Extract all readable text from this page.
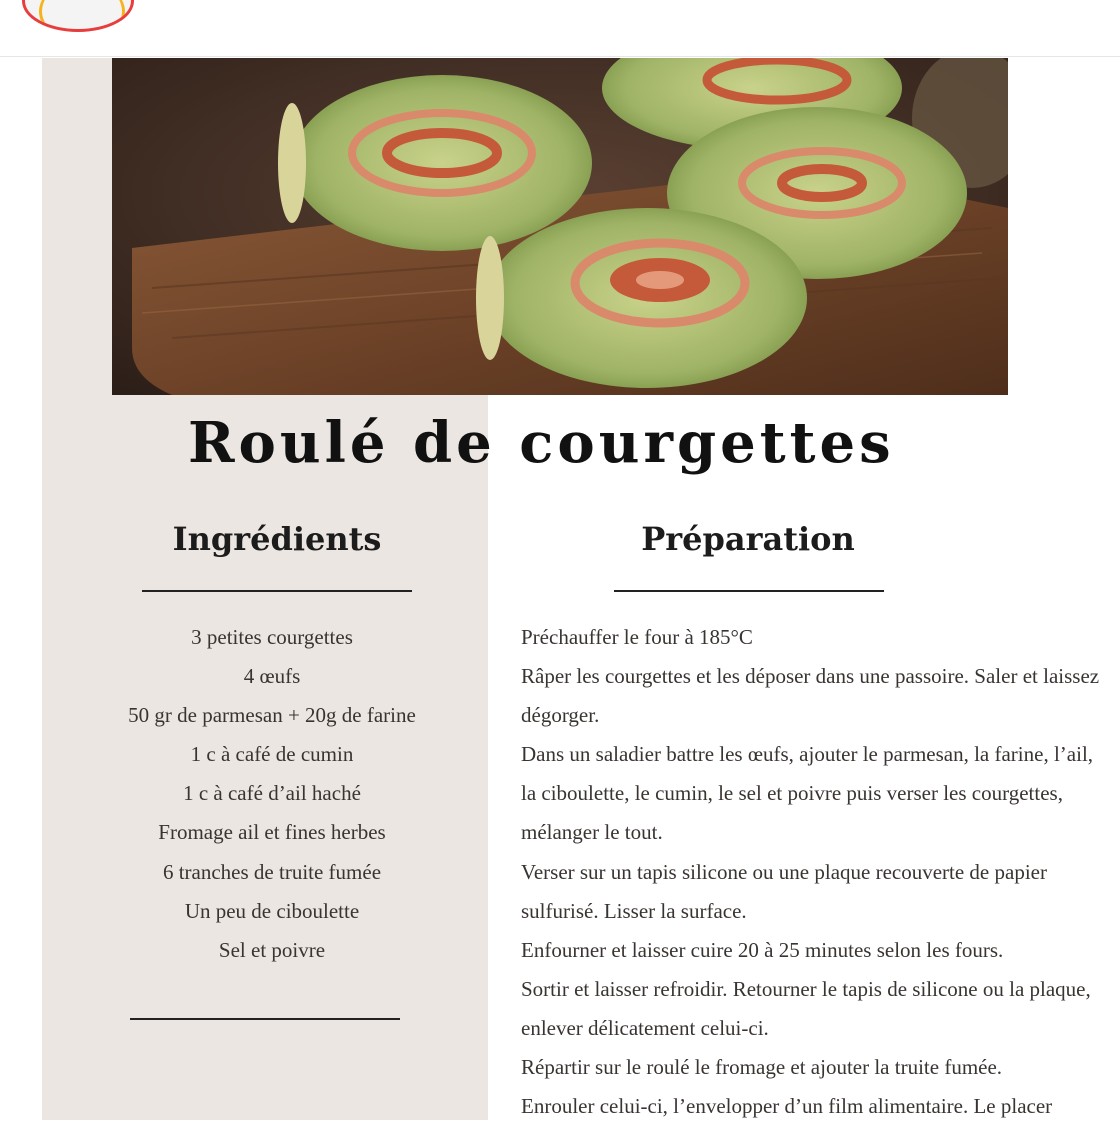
Roulé de courgettes
Ingrédients	Préparation
3 petites courgettes
4 œufs
50 gr de parmesan + 20g de farine
1 c à café de cumin
1 c à café d’ail haché
Fromage ail et fines herbes
6 tranches de truite fumée
Un peu de ciboulette
Sel et poivre

Préchauffer le four à 185°C

Râper les courgettes et les déposer dans une passoire. Saler et laissez dégorger.

Dans un saladier battre les œufs, ajouter le parmesan, la farine, l’ail, la ciboulette, le cumin, le sel et poivre puis verser les courgettes, mélanger le tout.

Verser sur un tapis silicone ou une plaque recouverte de papier sulfurisé. Lisser la surface.

Enfourner et laisser cuire 20 à 25 minutes selon les fours.

Sortir et laisser refroidir. Retourner le tapis de silicone ou la plaque, enlever délicatement celui-ci.

Répartir sur le roulé le fromage et ajouter la truite fumée.

Enrouler celui-ci, l’envelopper d’un film alimentaire. Le placer
